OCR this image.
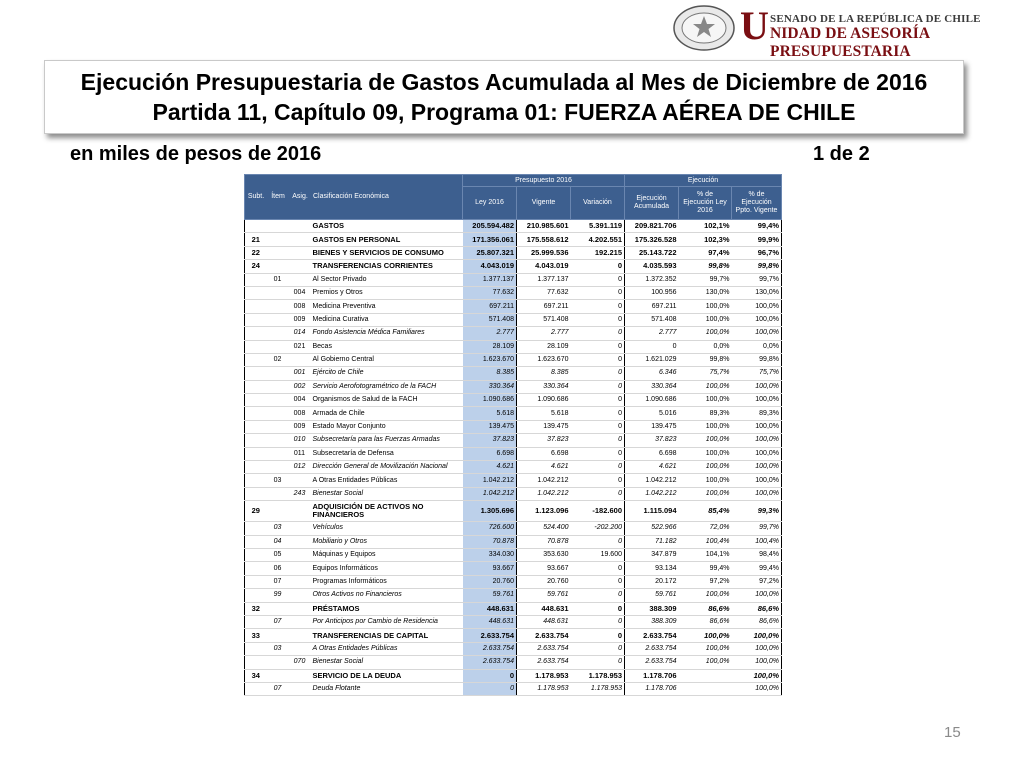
U SENADO DE LA REPÚBLICA DE CHILE
NIDAD DE ASESORÍA PRESUPUESTARIA
Ejecución Presupuestaria de Gastos Acumulada al Mes de Diciembre de 2016
Partida 11, Capítulo 09, Programa 01: FUERZA AÉREA DE CHILE
en miles de pesos de 2016	1 de 2
Subt. Ítem Asig. Clasificación Económica				Presupuesto 2016			Ejecución		
				Ley 2016	Vigente	Variación	Ejecución Acumulada	% de Ejecución Ley 2016	% de Ejecución Ppto. Vigente
			GASTOS	205.594.482	210.985.601	5.391.119	209.821.706	102,1%	99,4%
21			GASTOS EN PERSONAL	171.356.061	175.558.612	4.202.551	175.326.528	102,3%	99,9%
22			BIENES Y SERVICIOS DE CONSUMO	25.807.321	25.999.536	192.215	25.143.722	97,4%	96,7%
24			TRANSFERENCIAS CORRIENTES	4.043.019	4.043.019	0	4.035.593	99,8%	99,8%
	01		Al Sector Privado	1.377.137	1.377.137	0	1.372.352	99,7%	99,7%
		004	Premios y Otros	77.632	77.632	0	100.956	130,0%	130,0%
		008	Medicina Preventiva	697.211	697.211	0	697.211	100,0%	100,0%
		009	Medicina Curativa	571.408	571.408	0	571.408	100,0%	100,0%
		014	Fondo Asistencia Médica Familiares	2.777	2.777	0	2.777	100,0%	100,0%
		021	Becas	28.109	28.109	0	0	0,0%	0,0%
	02		Al Gobierno Central	1.623.670	1.623.670	0	1.621.029	99,8%	99,8%
		001	Ejército de Chile	8.385	8.385	0	6.346	75,7%	75,7%
		002	Servicio Aerofotogramétrico de la FACH	330.364	330.364	0	330.364	100,0%	100,0%
		004	Organismos de Salud de la FACH	1.090.686	1.090.686	0	1.090.686	100,0%	100,0%
		008	Armada de Chile	5.618	5.618	0	5.016	89,3%	89,3%
		009	Estado Mayor Conjunto	139.475	139.475	0	139.475	100,0%	100,0%
		010	Subsecretaría para las Fuerzas Armadas	37.823	37.823	0	37.823	100,0%	100,0%
		011	Subsecretaría de Defensa	6.698	6.698	0	6.698	100,0%	100,0%
		012	Dirección General de Movilización Nacional	4.621	4.621	0	4.621	100,0%	100,0%
	03		A Otras Entidades Públicas	1.042.212	1.042.212	0	1.042.212	100,0%	100,0%
		243	Bienestar Social	1.042.212	1.042.212	0	1.042.212	100,0%	100,0%
29			ADQUISICIÓN DE ACTIVOS NO FINANCIEROS	1.305.696	1.123.096	-182.600	1.115.094	85,4%	99,3%
	03		Vehículos	726.600	524.400	-202.200	522.966	72,0%	99,7%
	04		Mobiliario y Otros	70.878	70.878	0	71.182	100,4%	100,4%
	05		Máquinas y Equipos	334.030	353.630	19.600	347.879	104,1%	98,4%
	06		Equipos Informáticos	93.667	93.667	0	93.134	99,4%	99,4%
	07		Programas Informáticos	20.760	20.760	0	20.172	97,2%	97,2%
	99		Otros Activos no Financieros	59.761	59.761	0	59.761	100,0%	100,0%
32			PRÉSTAMOS	448.631	448.631	0	388.309	86,6%	86,6%
	07		Por Anticipos por Cambio de Residencia	448.631	448.631	0	388.309	86,6%	86,6%
33			TRANSFERENCIAS DE CAPITAL	2.633.754	2.633.754	0	2.633.754	100,0%	100,0%
	03		A Otras Entidades Públicas	2.633.754	2.633.754	0	2.633.754	100,0%	100,0%
		070	Bienestar Social	2.633.754	2.633.754	0	2.633.754	100,0%	100,0%
34			SERVICIO DE LA DEUDA	0	1.178.953	1.178.953	1.178.706		100,0%
	07		Deuda Flotante	0	1.178.953	1.178.953	1.178.706		100,0%
15
